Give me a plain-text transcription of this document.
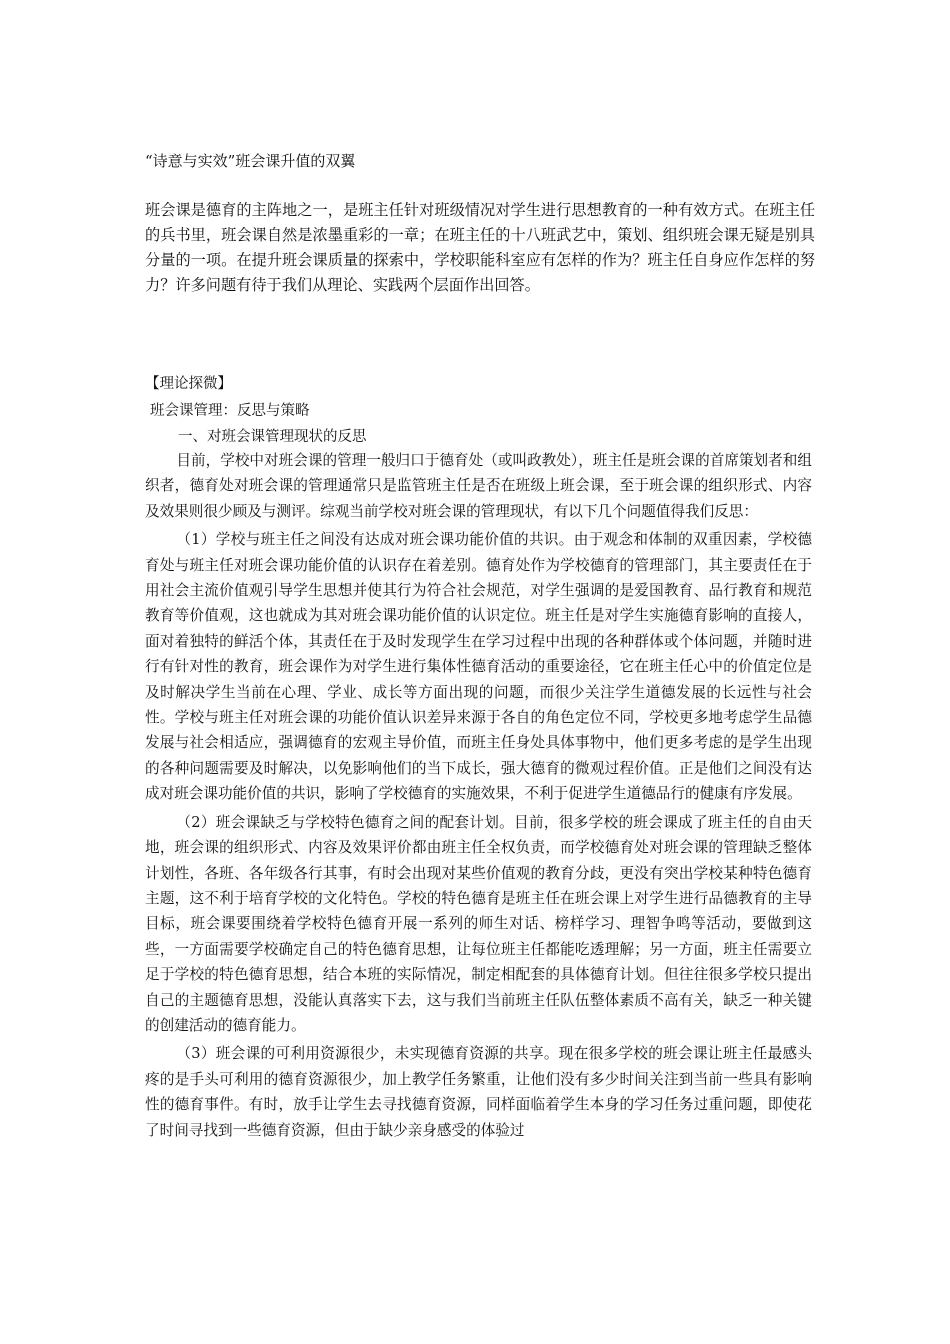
“诗意与实效”班会课升值的双翼

班会课是德育的主阵地之一，是班主任针对班级情况对学生进行思想教育的一种有效方式。在班主任的兵书里，班会课自然是浓墨重彩的一章；在班主任的十八班武艺中，策划、组织班会课无疑是别具分量的一项。在提升班会课质量的探索中，学校职能科室应有怎样的作为？班主任自身应作怎样的努力？许多问题有待于我们从理论、实践两个层面作出回答。

【理论探微】
班会课管理：反思与策略
一、对班会课管理现状的反思

目前，学校中对班会课的管理一般归口于德育处（或叫政教处），班主任是班会课的首席策划者和组织者，德育处对班会课的管理通常只是监管班主任是否在班级上班会课，至于班会课的组织形式、内容及效果则很少顾及与测评。综观当前学校对班会课的管理现状，有以下几个问题值得我们反思：

（1）学校与班主任之间没有达成对班会课功能价值的共识。由于观念和体制的双重因素，学校德育处与班主任对班会课功能价值的认识存在着差别。德育处作为学校德育的管理部门，其主要责任在于用社会主流价值观引导学生思想并使其行为符合社会规范，对学生强调的是爱国教育、品行教育和规范教育等价值观，这也就成为其对班会课功能价值的认识定位。班主任是对学生实施德育影响的直接人，面对着独特的鲜活个体，其责任在于及时发现学生在学习过程中出现的各种群体或个体问题，并随时进行有针对性的教育，班会课作为对学生进行集体性德育活动的重要途径，它在班主任心中的价值定位是及时解决学生当前在心理、学业、成长等方面出现的问题，而很少关注学生道德发展的长远性与社会性。学校与班主任对班会课的功能价值认识差异来源于各自的角色定位不同，学校更多地考虑学生品德发展与社会相适应，强调德育的宏观主导价值，而班主任身处具体事物中，他们更多考虑的是学生出现的各种问题需要及时解决，以免影响他们的当下成长，强大德育的微观过程价值。正是他们之间没有达成对班会课功能价值的共识，影响了学校德育的实施效果，不利于促进学生道德品行的健康有序发展。

（2）班会课缺乏与学校特色德育之间的配套计划。目前，很多学校的班会课成了班主任的自由天地，班会课的组织形式、内容及效果评价都由班主任全权负责，而学校德育处对班会课的管理缺乏整体计划性，各班、各年级各行其事，有时会出现对某些价值观的教育分歧，更没有突出学校某种特色德育主题，这不利于培育学校的文化特色。学校的特色德育是班主任在班会课上对学生进行品德教育的主导目标，班会课要围绕着学校特色德育开展一系列的师生对话、榜样学习、理智争鸣等活动，要做到这些，一方面需要学校确定自己的特色德育思想，让每位班主任都能吃透理解；另一方面，班主任需要立足于学校的特色德育思想，结合本班的实际情况，制定相配套的具体德育计划。但往往很多学校只提出自己的主题德育思想，没能认真落实下去，这与我们当前班主任队伍整体素质不高有关，缺乏一种关键的创建活动的德育能力。

（3）班会课的可利用资源很少，未实现德育资源的共享。现在很多学校的班会课让班主任最感头疼的是手头可利用的德育资源很少，加上教学任务繁重，让他们没有多少时间关注到当前一些具有影响性的德育事件。有时，放手让学生去寻找德育资源，同样面临着学生本身的学习任务过重问题，即使花了时间寻找到一些德育资源，但由于缺少亲身感受的体验过
